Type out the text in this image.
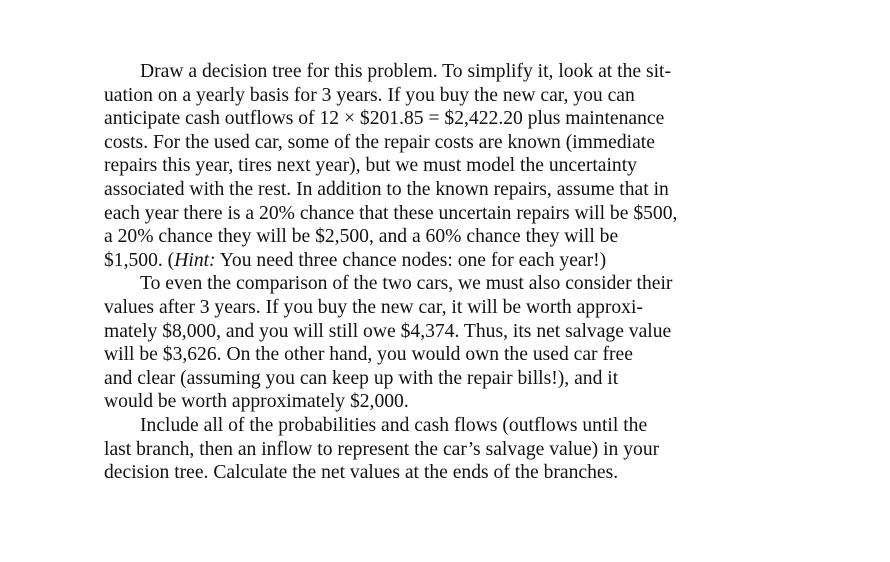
Draw a decision tree for this problem. To simplify it, look at the sit-
uation on a yearly basis for 3 years. If you buy the new car, you can
anticipate cash outflows of 12 × $201.85 = $2,422.20 plus maintenance
costs. For the used car, some of the repair costs are known (immediate
repairs this year, tires next year), but we must model the uncertainty
associated with the rest. In addition to the known repairs, assume that in
each year there is a 20% chance that these uncertain repairs will be $500,
a 20% chance they will be $2,500, and a 60% chance they will be
$1,500. (Hint: You need three chance nodes: one for each year!)
To even the comparison of the two cars, we must also consider their
values after 3 years. If you buy the new car, it will be worth approxi-
mately $8,000, and you will still owe $4,374. Thus, its net salvage value
will be $3,626. On the other hand, you would own the used car free
and clear (assuming you can keep up with the repair bills!), and it
would be worth approximately $2,000.
Include all of the probabilities and cash flows (outflows until the
last branch, then an inflow to represent the car’s salvage value) in your
decision tree. Calculate the net values at the ends of the branches.
